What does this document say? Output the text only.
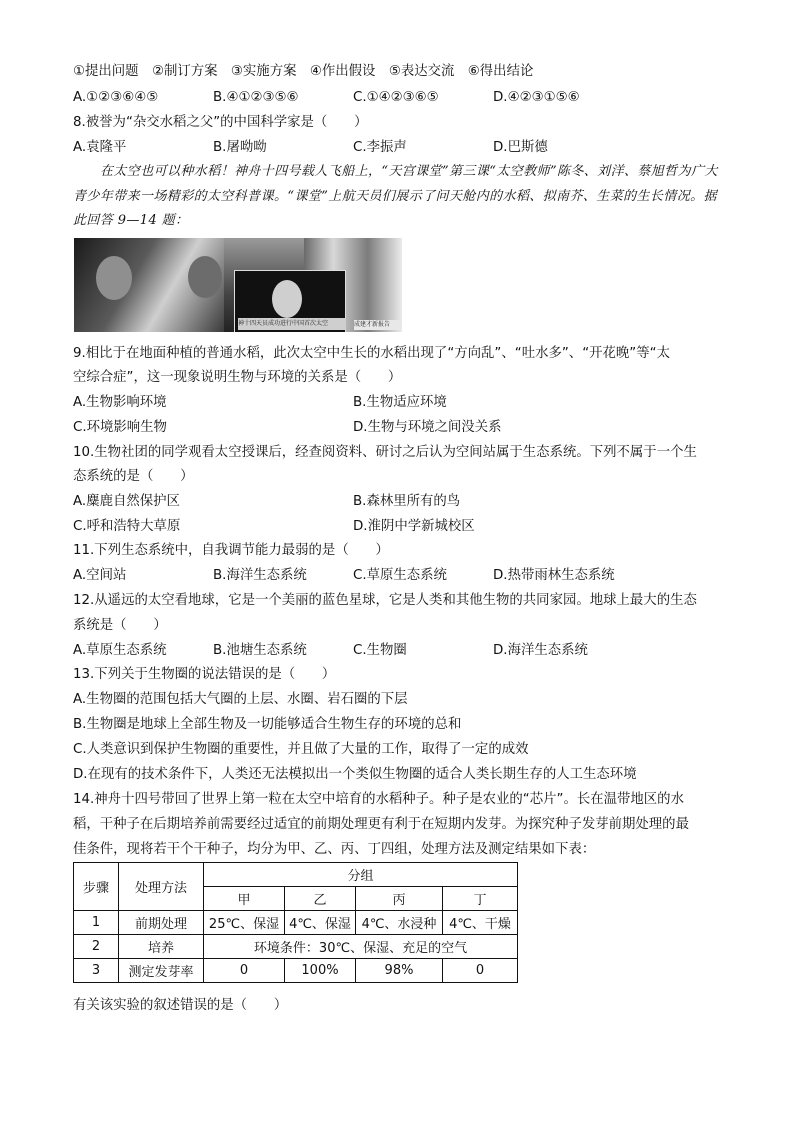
①提出问题　②制订方案　③实施方案　④作出假设　⑤表达交流　⑥得出结论
A.①②③⑥④⑤	B.④①②③⑤⑥	C.①④②③⑥⑤	D.④②③①⑤⑥
8.被誉为“杂交水稻之父”的中国科学家是（　　）
A.袁隆平	B.屠呦呦	C.李振声	D.巴斯德
在太空也可以种水稻！神舟十四号载人飞船上，“天宫课堂”第三课“太空教师”陈冬、刘洋、蔡旭哲为广大青少年带来一场精彩的太空科普课。“课堂”上航天员们展示了问天舱内的水稻、拟南芥、生菜的生长情况。据此回答 9—14 题：
神十四天员成功进行中国首次太空	成建才新报告
9.相比于在地面种植的普通水稻，此次太空中生长的水稻出现了“方向乱”、“吐水多”、“开花晚”等“太
空综合症”，这一现象说明生物与环境的关系是（　　）
A.生物影响环境	B.生物适应环境
C.环境影响生物	D.生物与环境之间没关系
10.生物社团的同学观看太空授课后，经查阅资料、研讨之后认为空间站属于生态系统。下列不属于一个生
态系统的是（　　）
A.麋鹿自然保护区	B.森林里所有的鸟
C.呼和浩特大草原	D.淮阴中学新城校区
11.下列生态系统中，自我调节能力最弱的是（　　）
A.空间站	B.海洋生态系统	C.草原生态系统	D.热带雨林生态系统
12.从遥远的太空看地球，它是一个美丽的蓝色星球，它是人类和其他生物的共同家园。地球上最大的生态
系统是（　　）
A.草原生态系统	B.池塘生态系统	C.生物圈	D.海洋生态系统
13.下列关于生物圈的说法错误的是（　　）
A.生物圈的范围包括大气圈的上层、水圈、岩石圈的下层
B.生物圈是地球上全部生物及一切能够适合生物生存的环境的总和
C.人类意识到保护生物圈的重要性，并且做了大量的工作，取得了一定的成效
D.在现有的技术条件下，人类还无法模拟出一个类似生物圈的适合人类长期生存的人工生态环境
14.神舟十四号带回了世界上第一粒在太空中培育的水稻种子。种子是农业的“芯片”。长在温带地区的水
稻，干种子在后期培养前需要经过适宜的前期处理更有利于在短期内发芽。为探究种子发芽前期处理的最
佳条件，现将若干个干种子，均分为甲、乙、丙、丁四组，处理方法及测定结果如下表：
步骤	处理方法	分组			
		甲	乙	丙	丁
1	前期处理	25℃、保湿	4℃、保湿	4℃、水浸种	4℃、干燥
2	培养	环境条件：30℃、保湿、充足的空气			
3	测定发芽率	0	100%	98%	0
有关该实验的叙述错误的是（　　）
